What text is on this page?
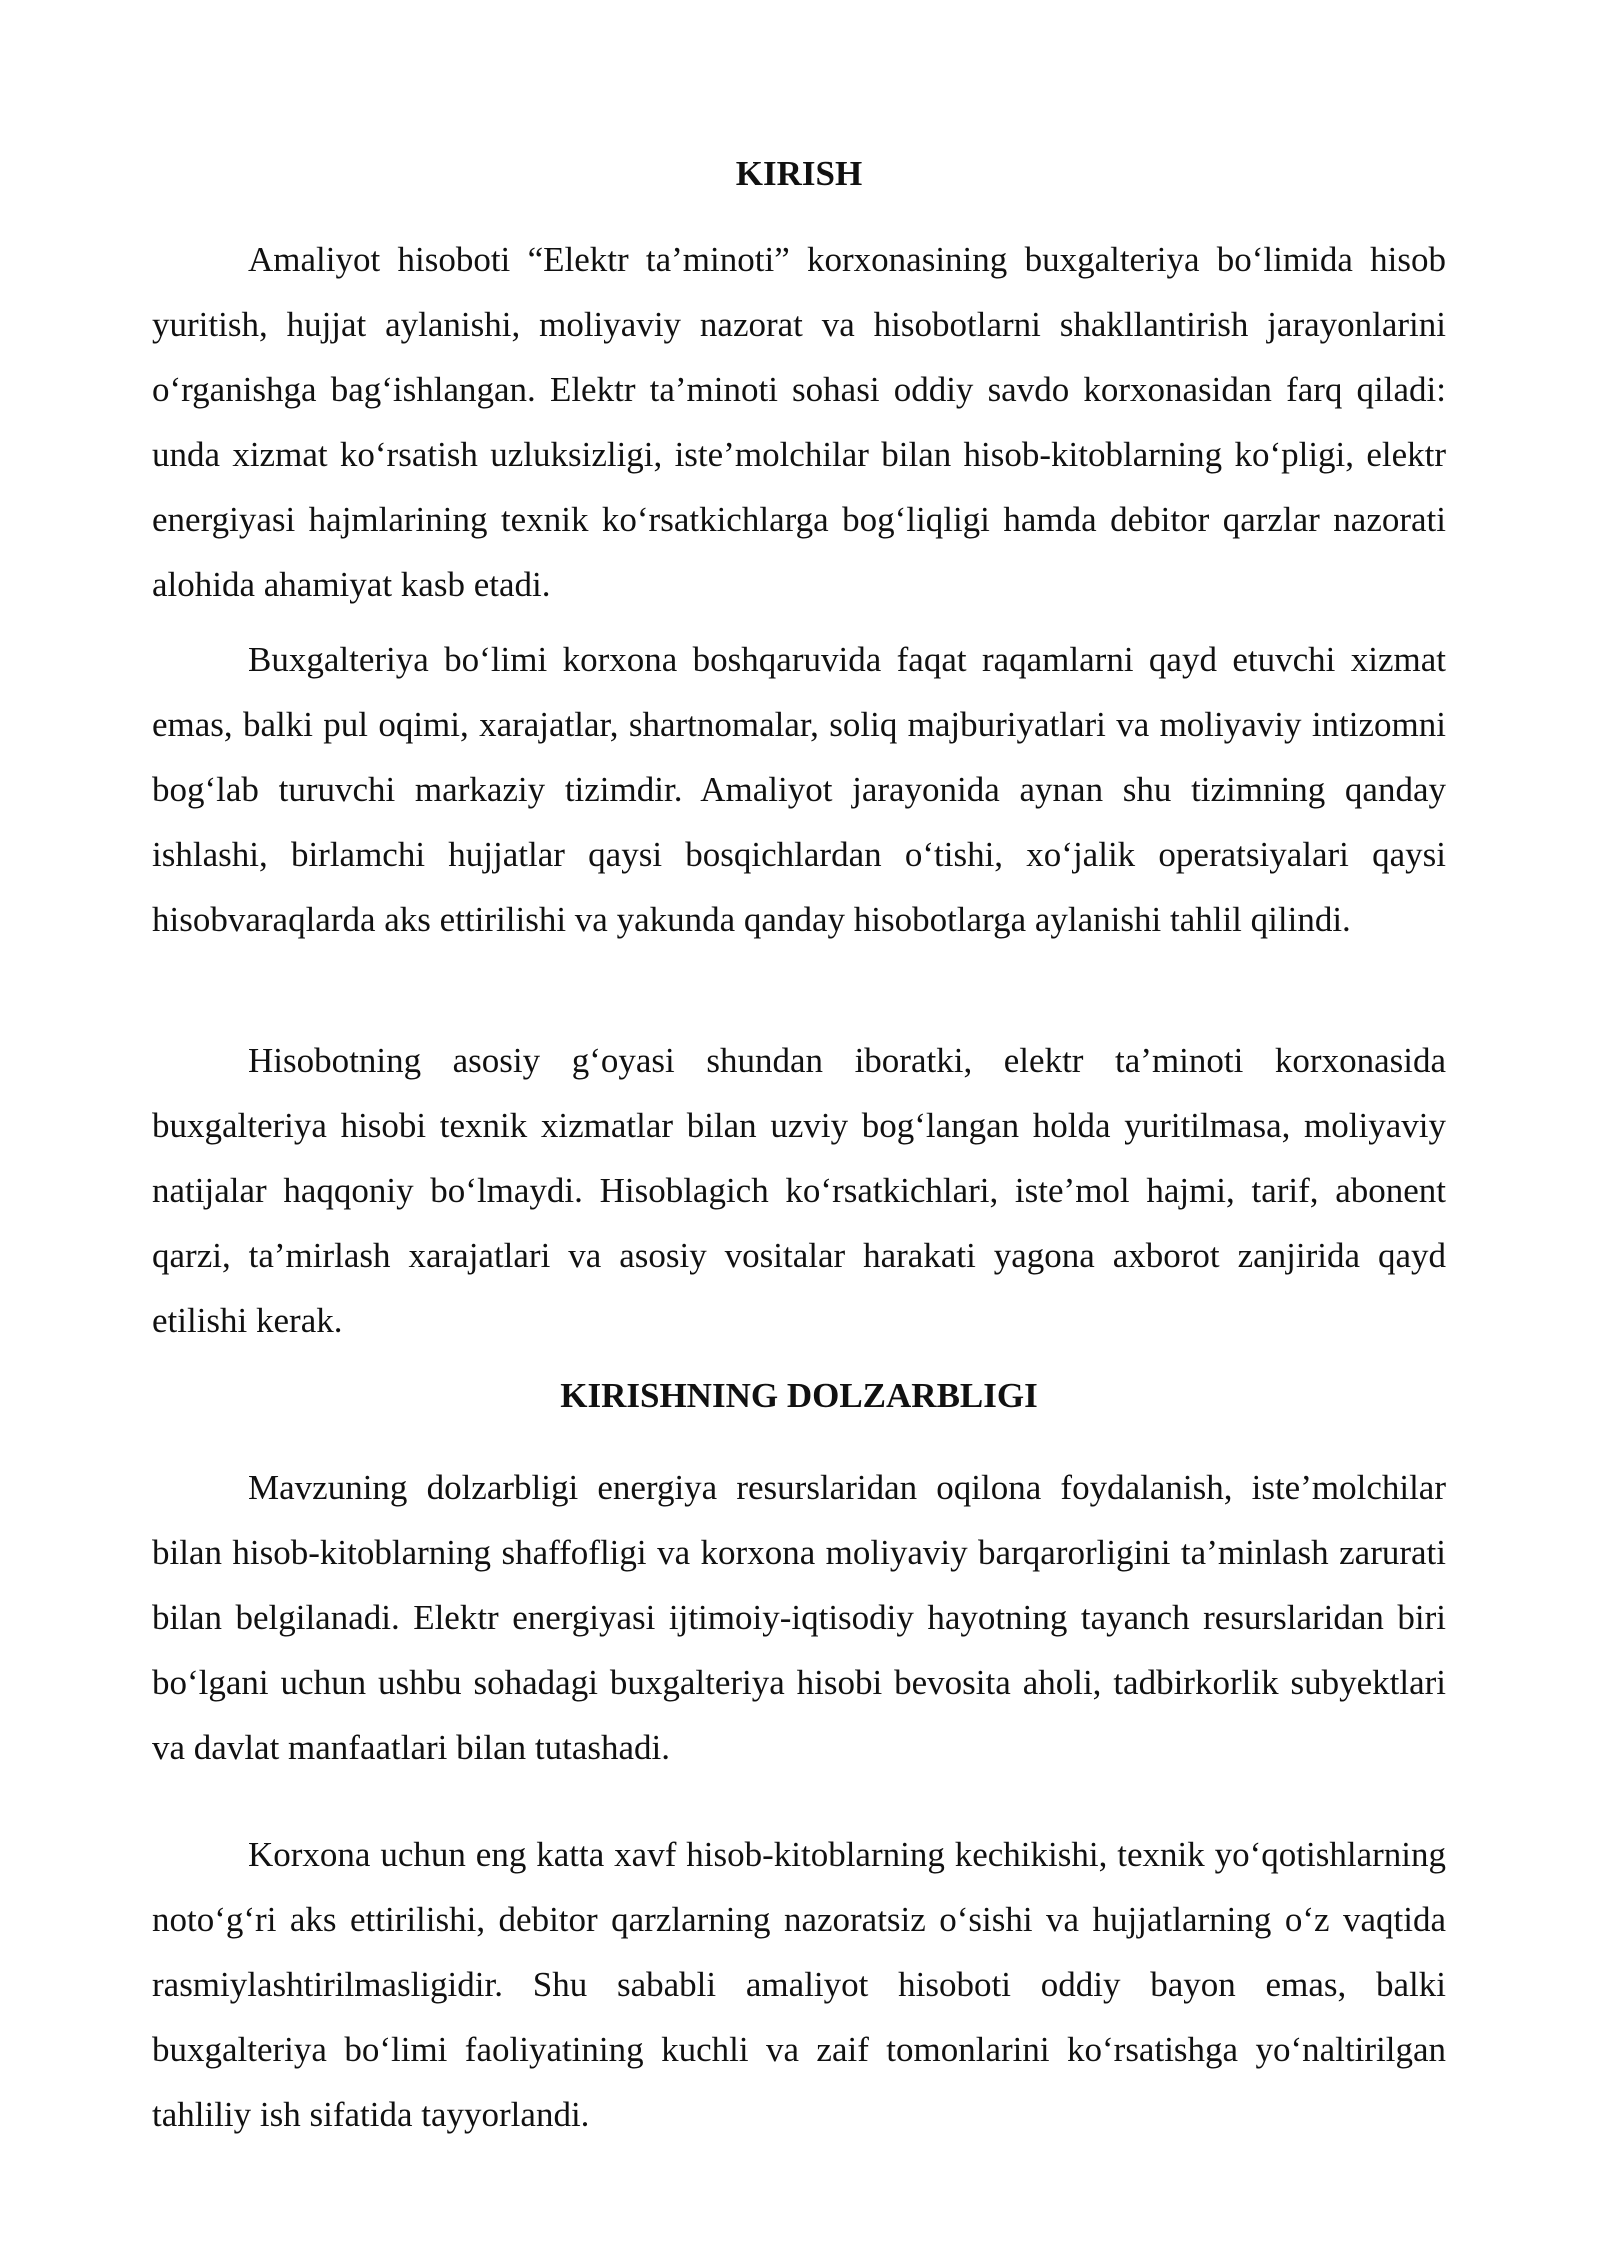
KIRISH

Amaliyot hisoboti “Elektr ta’minoti” korxonasining buxgalteriya bo‘limida hisob yuritish, hujjat aylanishi, moliyaviy nazorat va hisobotlarni shakllantirish jarayonlarini o‘rganishga bag‘ishlangan. Elektr ta’minoti sohasi oddiy savdo korxonasidan farq qiladi: unda xizmat ko‘rsatish uzluksizligi, iste’molchilar bilan hisob-kitoblarning ko‘pligi, elektr energiyasi hajmlarining texnik ko‘rsatkichlarga bog‘liqligi hamda debitor qarzlar nazorati alohida ahamiyat kasb etadi.

Buxgalteriya bo‘limi korxona boshqaruvida faqat raqamlarni qayd etuvchi xizmat emas, balki pul oqimi, xarajatlar, shartnomalar, soliq majburiyatlari va moliyaviy intizomni bog‘lab turuvchi markaziy tizimdir. Amaliyot jarayonida aynan shu tizimning qanday ishlashi, birlamchi hujjatlar qaysi bosqichlardan o‘tishi, xo‘jalik operatsiyalari qaysi hisobvaraqlarda aks ettirilishi va yakunda qanday hisobotlarga aylanishi tahlil qilindi.

Hisobotning asosiy g‘oyasi shundan iboratki, elektr ta’minoti korxonasida buxgalteriya hisobi texnik xizmatlar bilan uzviy bog‘langan holda yuritilmasa, moliyaviy natijalar haqqoniy bo‘lmaydi. Hisoblagich ko‘rsatkichlari, iste’mol hajmi, tarif, abonent qarzi, ta’mirlash xarajatlari va asosiy vositalar harakati yagona axborot zanjirida qayd etilishi kerak.

KIRISHNING DOLZARBLIGI

Mavzuning dolzarbligi energiya resurslaridan oqilona foydalanish, iste’molchilar bilan hisob-kitoblarning shaffofligi va korxona moliyaviy barqarorligini ta’minlash zarurati bilan belgilanadi. Elektr energiyasi ijtimoiy-iqtisodiy hayotning tayanch resurslaridan biri bo‘lgani uchun ushbu sohadagi buxgalteriya hisobi bevosita aholi, tadbirkorlik subyektlari va davlat manfaatlari bilan tutashadi.

Korxona uchun eng katta xavf hisob-kitoblarning kechikishi, texnik yo‘qotishlarning noto‘g‘ri aks ettirilishi, debitor qarzlarning nazoratsiz o‘sishi va hujjatlarning o‘z vaqtida rasmiylashtirilmasligidir. Shu sababli amaliyot hisoboti oddiy bayon emas, balki buxgalteriya bo‘limi faoliyatining kuchli va zaif tomonlarini ko‘rsatishga yo‘naltirilgan tahliliy ish sifatida tayyorlandi.
